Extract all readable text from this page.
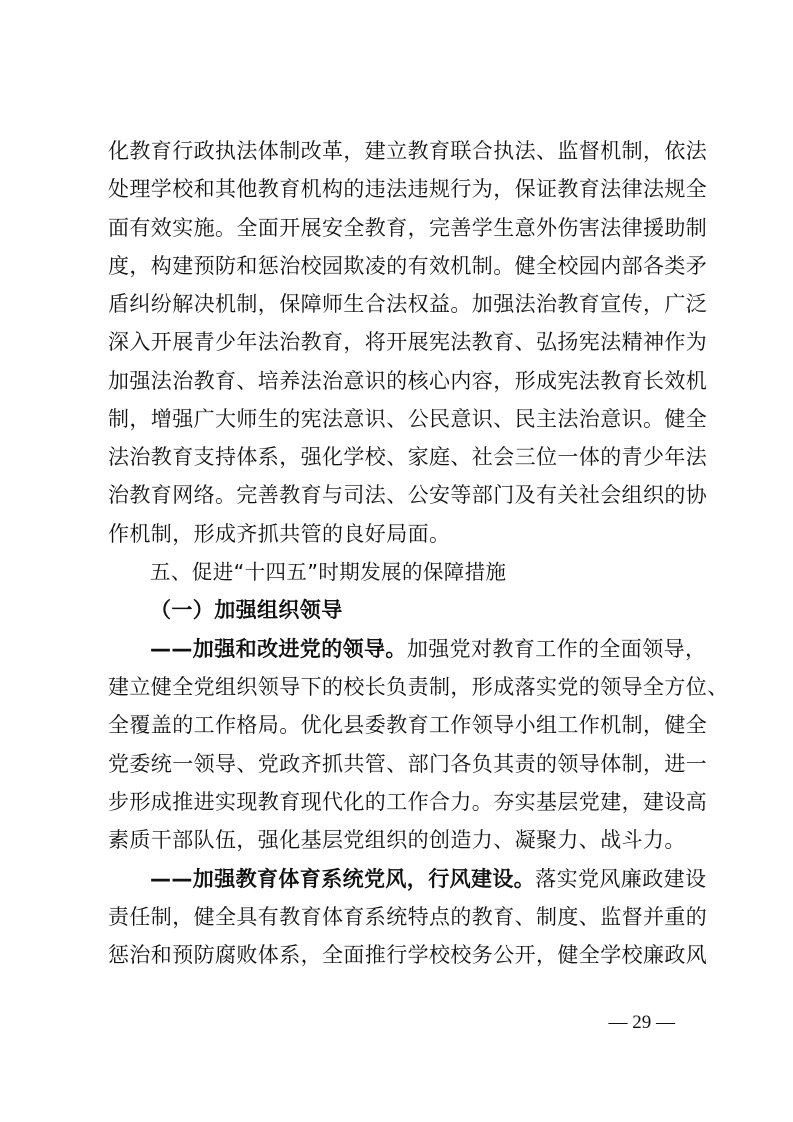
化教育行政执法体制改革，建立教育联合执法、监督机制，依法
处理学校和其他教育机构的违法违规行为，保证教育法律法规全
面有效实施。全面开展安全教育，完善学生意外伤害法律援助制
度，构建预防和惩治校园欺凌的有效机制。健全校园内部各类矛
盾纠纷解决机制，保障师生合法权益。加强法治教育宣传，广泛
深入开展青少年法治教育，将开展宪法教育、弘扬宪法精神作为
加强法治教育、培养法治意识的核心内容，形成宪法教育长效机
制，增强广大师生的宪法意识、公民意识、民主法治意识。健全
法治教育支持体系，强化学校、家庭、社会三位一体的青少年法
治教育网络。完善教育与司法、公安等部门及有关社会组织的协
作机制，形成齐抓共管的良好局面。
五、促进“十四五”时期发展的保障措施
（一）加强组织领导
——加强和改进党的领导。加强党对教育工作的全面领导，
建立健全党组织领导下的校长负责制，形成落实党的领导全方位、
全覆盖的工作格局。优化县委教育工作领导小组工作机制，健全
党委统一领导、党政齐抓共管、部门各负其责的领导体制，进一
步形成推进实现教育现代化的工作合力。夯实基层党建，建设高
素质干部队伍，强化基层党组织的创造力、凝聚力、战斗力。
——加强教育体育系统党风，行风建设。落实党风廉政建设
责任制，健全具有教育体育系统特点的教育、制度、监督并重的
惩治和预防腐败体系，全面推行学校校务公开，健全学校廉政风
— 29 —
